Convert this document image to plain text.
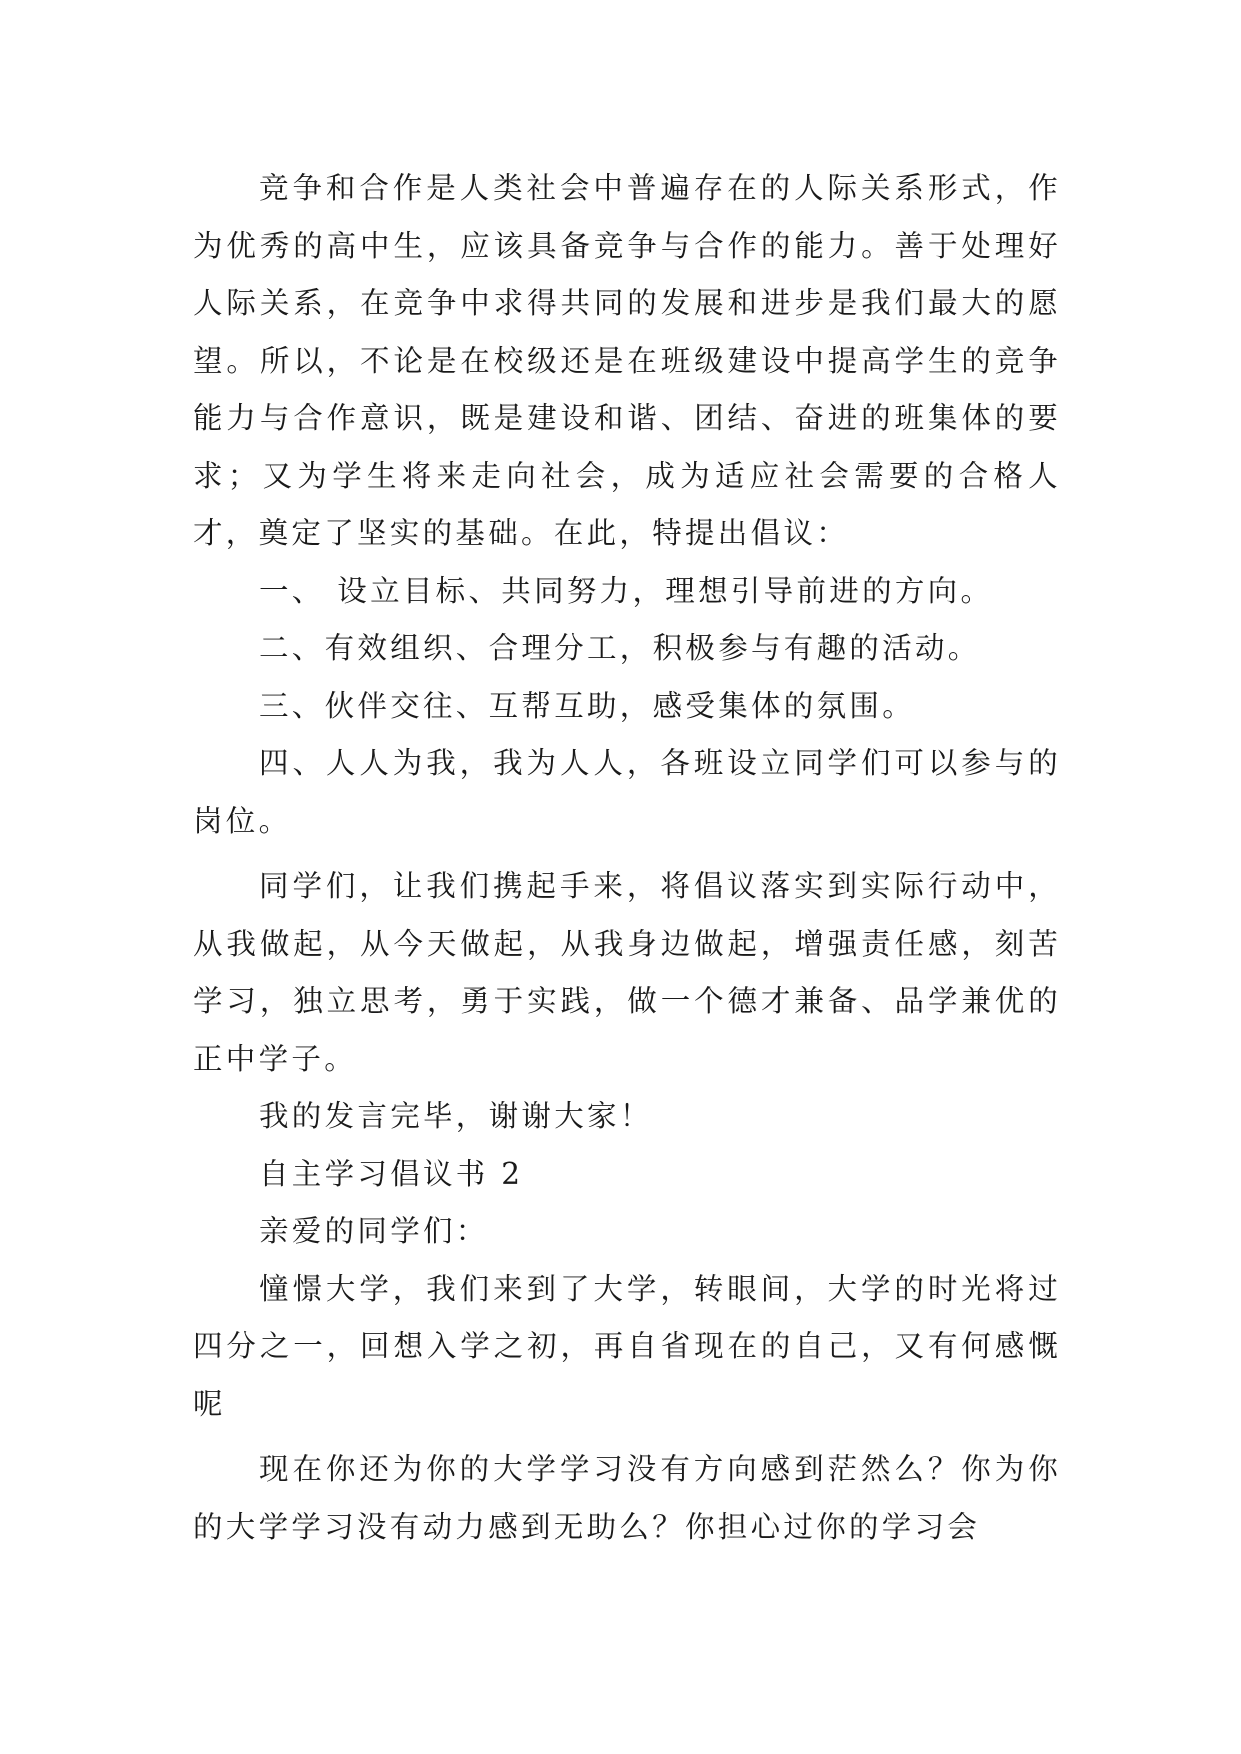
竞争和合作是人类社会中普遍存在的人际关系形式，作为优秀的高中生，应该具备竞争与合作的能力。善于处理好人际关系，在竞争中求得共同的发展和进步是我们最大的愿望。所以，不论是在校级还是在班级建设中提高学生的竞争能力与合作意识，既是建设和谐、团结、奋进的班集体的要求；又为学生将来走向社会，成为适应社会需要的合格人才，奠定了坚实的基础。在此，特提出倡议：

一、 设立目标、共同努力，理想引导前进的方向。

二、有效组织、合理分工，积极参与有趣的活动。

三、伙伴交往、互帮互助，感受集体的氛围。

四、人人为我，我为人人，各班设立同学们可以参与的岗位。

同学们，让我们携起手来，将倡议落实到实际行动中，从我做起，从今天做起，从我身边做起，增强责任感，刻苦学习，独立思考，勇于实践，做一个德才兼备、品学兼优的正中学子。

我的发言完毕，谢谢大家！

自主学习倡议书 2

亲爱的同学们：

憧憬大学，我们来到了大学，转眼间，大学的时光将过四分之一，回想入学之初，再自省现在的自己，又有何感慨呢

现在你还为你的大学学习没有方向感到茫然么？你为你的大学学习没有动力感到无助么？你担心过你的学习会
